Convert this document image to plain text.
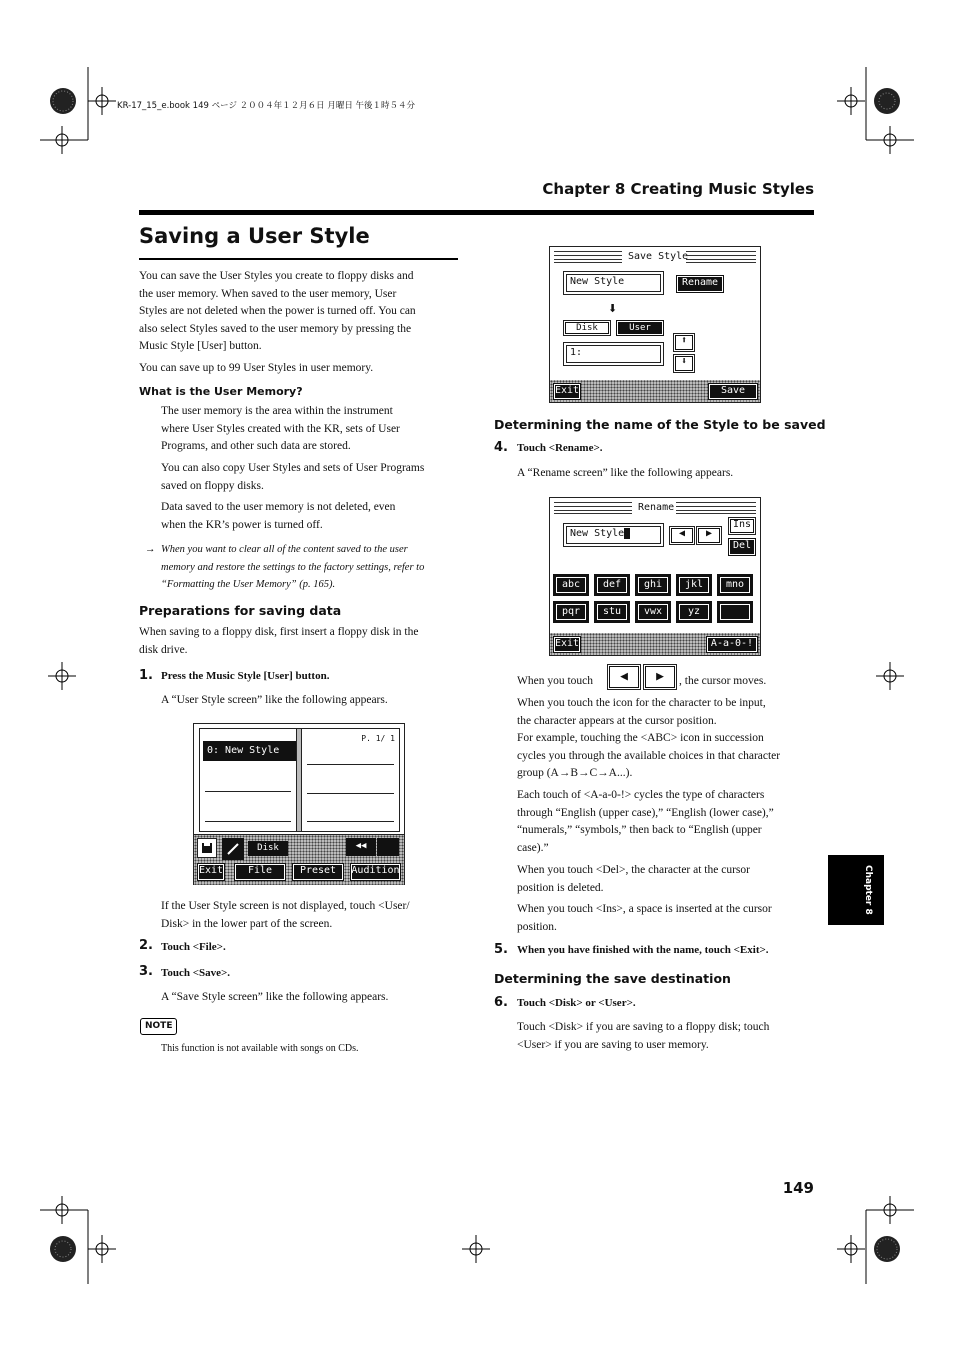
KR-17_15_e.book 149 ページ ２００４年１２月６日 月曜日 午後１時５４分
Chapter 8 Creating Music Styles
Chapter 8
149
Saving a User Style
You can save the User Styles you create to floppy disks and
the user memory. When saved to the user memory, User
Styles are not deleted when the power is turned off. You can
also select Styles saved to the user memory by pressing the
Music Style [User] button.
You can save up to 99 User Styles in user memory.
What is the User Memory?
The user memory is the area within the instrument
where User Styles created with the KR, sets of User
Programs, and other such data are stored.
You can also copy User Styles and sets of User Programs
saved on floppy disks.
Data saved to the user memory is not deleted, even
when the KR’s power is turned off.
→ When you want to clear all of the content saved to the user
memory and restore the settings to the factory settings, refer to
“Formatting the User Memory” (p. 165).
Preparations for saving data
When saving to a floppy disk, first insert a floppy disk in the
disk drive.
1. Press the Music Style [User] button.
A “User Style screen” like the following appears.
0: New Style
P. 1/ 1
Disk	◀◀
Exit	File	Preset	Audition
If the User Style screen is not displayed, touch <User/
Disk> in the lower part of the screen.
2. Touch <File>.
3. Touch <Save>.
A “Save Style screen” like the following appears.
NOTE
This function is not available with songs on CDs.
Save Style
New Style	Rename
⬇
Disk	User
1:
⬆
⬇
Exit	Save
Determining the name of the Style to be saved
4. Touch <Rename>.
A “Rename screen” like the following appears.
Rename
New Style	◀	▶
Ins
Del
abc	def	ghi	jkl	mno
pqr	stu	vwx	yz
Exit	A-a-0-!
When you touch	◀	▶	, the cursor moves.
When you touch the icon for the character to be input,
the character appears at the cursor position.
For example, touching the <ABC> icon in succession
cycles you through the available choices in that character
group (A→B→C→A...).
Each touch of <A-a-0-!> cycles the type of characters
through “English (upper case),” “English (lower case),”
“numerals,” “symbols,” then back to “English (upper
case).”
When you touch <Del>, the character at the cursor
position is deleted.
When you touch <Ins>, a space is inserted at the cursor
position.
5. When you have finished with the name, touch <Exit>.
Determining the save destination
6. Touch <Disk> or <User>.
Touch <Disk> if you are saving to a floppy disk; touch
<User> if you are saving to user memory.
